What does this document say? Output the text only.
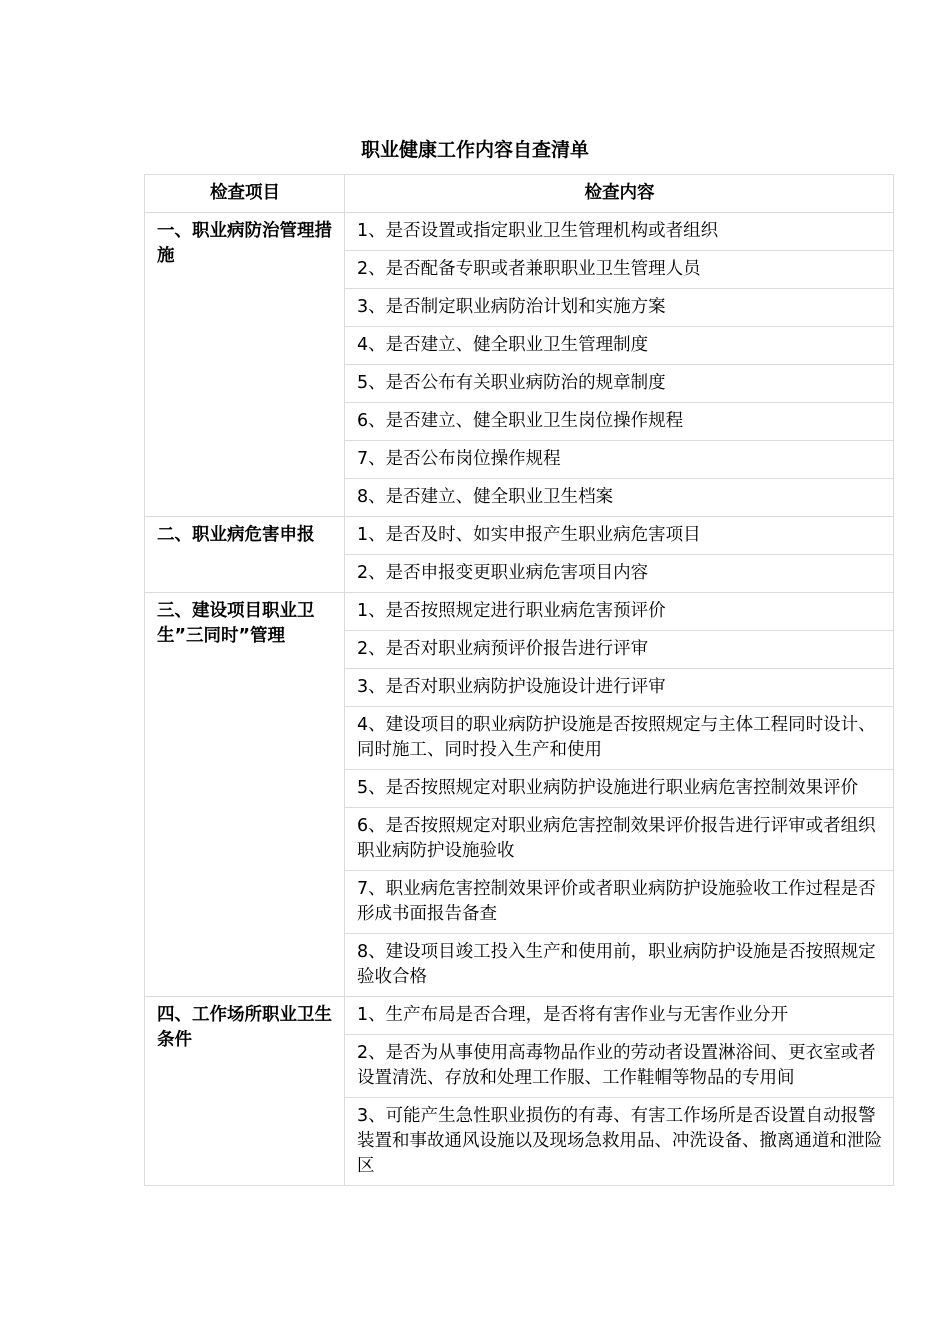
职业健康工作内容自查清单
检查项目	检查内容
一、职业病防治管理措施	1、是否设置或指定职业卫生管理机构或者组织
	2、是否配备专职或者兼职职业卫生管理人员
	3、是否制定职业病防治计划和实施方案
	4、是否建立、健全职业卫生管理制度
	5、是否公布有关职业病防治的规章制度
	6、是否建立、健全职业卫生岗位操作规程
	7、是否公布岗位操作规程
	8、是否建立、健全职业卫生档案
二、职业病危害申报	1、是否及时、如实申报产生职业病危害项目
	2、是否申报变更职业病危害项目内容
三、建设项目职业卫生”三同时”管理	1、是否按照规定进行职业病危害预评价
	2、是否对职业病预评价报告进行评审
	3、是否对职业病防护设施设计进行评审
	4、建设项目的职业病防护设施是否按照规定与主体工程同时设计、同时施工、同时投入生产和使用
	5、是否按照规定对职业病防护设施进行职业病危害控制效果评价
	6、是否按照规定对职业病危害控制效果评价报告进行评审或者组织职业病防护设施验收
	7、职业病危害控制效果评价或者职业病防护设施验收工作过程是否形成书面报告备查
	8、建设项目竣工投入生产和使用前，职业病防护设施是否按照规定验收合格
四、工作场所职业卫生条件	1、生产布局是否合理，是否将有害作业与无害作业分开
	2、是否为从事使用高毒物品作业的劳动者设置淋浴间、更衣室或者设置清洗、存放和处理工作服、工作鞋帽等物品的专用间
	3、可能产生急性职业损伤的有毒、有害工作场所是否设置自动报警装置和事故通风设施以及现场急救用品、冲洗设备、撤离通道和泄险区
